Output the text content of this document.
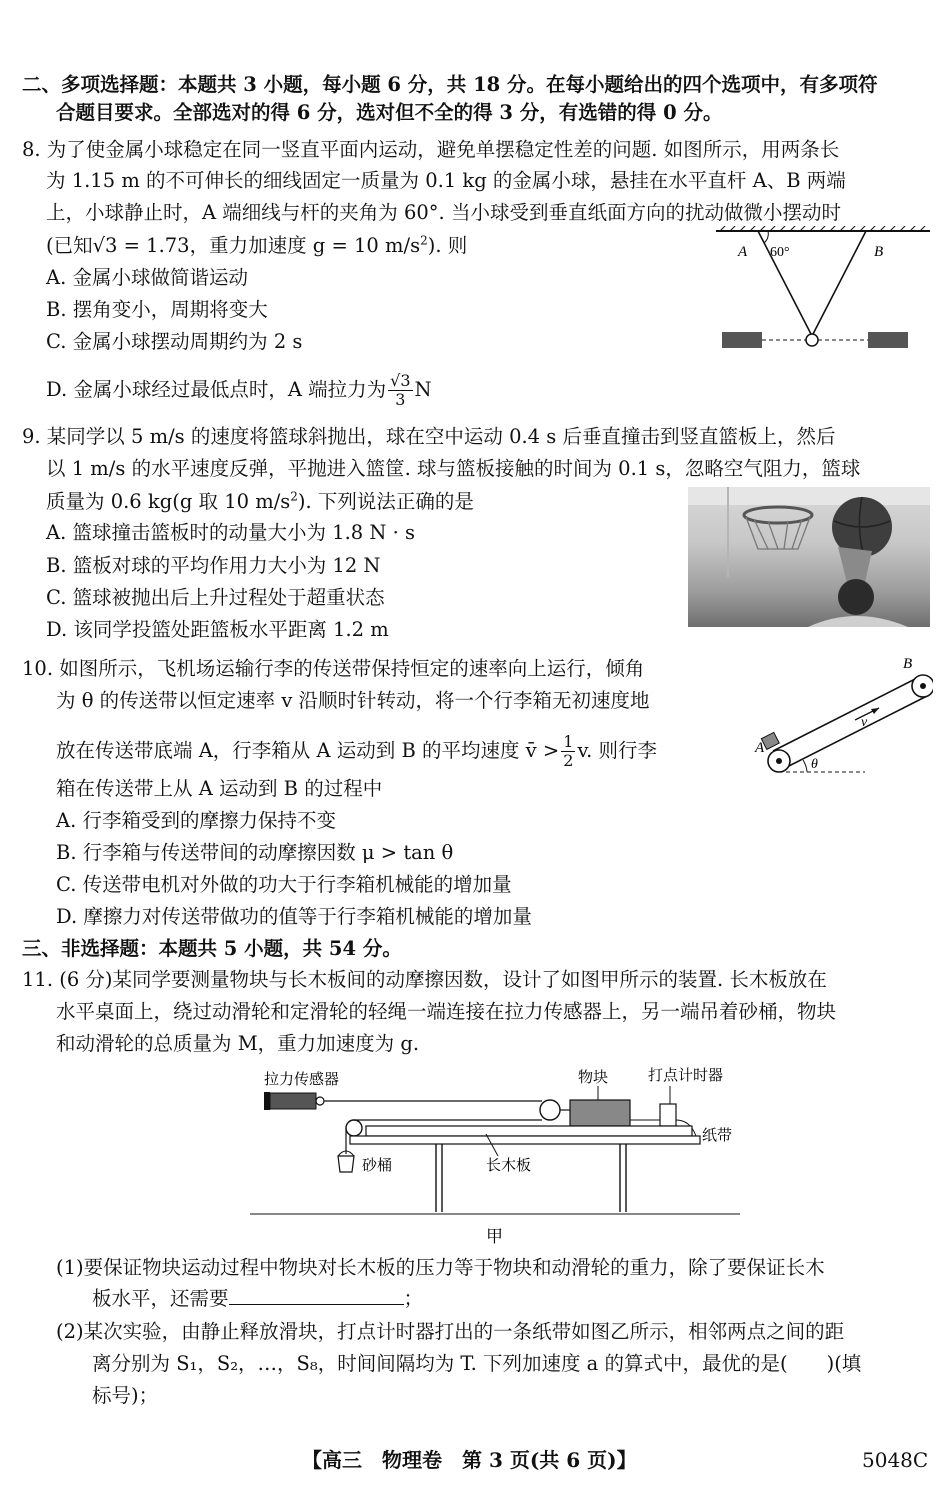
二、多项选择题：本题共 3 小题，每小题 6 分，共 18 分。在每小题给出的四个选项中，有多项符
合题目要求。全部选对的得 6 分，选对但不全的得 3 分，有选错的得 0 分。
8. 为了使金属小球稳定在同一竖直平面内运动，避免单摆稳定性差的问题. 如图所示，用两条长
为 1.15 m 的不可伸长的细线固定一质量为 0.1 kg 的金属小球，悬挂在水平直杆 A、B 两端
上，小球静止时，A 端细线与杆的夹角为 60°. 当小球受到垂直纸面方向的扰动做微小摆动时
(已知√3 = 1.73，重力加速度 g = 10 $m/s^2$). 则
A. 金属小球做简谐运动
B. 摆角变小，周期将变大
C. 金属小球摆动周期约为 2 s
D. 金属小球经过最低点时，A 端拉力为 $\frac{√3}{3}$ N
A 60°	B
9. 某同学以 5 m/s 的速度将篮球斜抛出，球在空中运动 0.4 s 后垂直撞击到竖直篮板上，然后
以 1 m/s 的水平速度反弹，平抛进入篮筐. 球与篮板接触的时间为 0.1 s，忽略空气阻力，篮球
质量为 0.6 kg(g 取 10 $m/s^2$). 下列说法正确的是
A. 篮球撞击篮板时的动量大小为 1.8 N · s
B. 篮板对球的平均作用力大小为 12 N
C. 篮球被抛出后上升过程处于超重状态
D. 该同学投篮处距篮板水平距离 1.2 m
10. 如图所示，飞机场运输行李的传送带保持恒定的速率向上运行，倾角
为 θ 的传送带以恒定速率 v 沿顺时针转动，将一个行李箱无初速度地
放在传送带底端 A，行李箱从 A 运动到 B 的平均速度 v̄ > $\frac{1}{2} v$. 则行李
箱在传送带上从 A 运动到 B 的过程中
A. 行李箱受到的摩擦力保持不变
B. 行李箱与传送带间的动摩擦因数 μ > tan θ
C. 传送带电机对外做的功大于行李箱机械能的增加量
D. 摩擦力对传送带做功的值等于行李箱机械能的增加量
A
B
v
θ
三、非选择题：本题共 5 小题，共 54 分。
11. (6 分)某同学要测量物块与长木板间的动摩擦因数，设计了如图甲所示的装置. 长木板放在
水平桌面上，绕过动滑轮和定滑轮的轻绳一端连接在拉力传感器上，另一端吊着砂桶，物块
和动滑轮的总质量为 M，重力加速度为 g.
拉力传感器	物块	打点计时器
纸带
长木板
砂桶
甲
(1)要保证物块运动过程中物块对长木板的压力等于物块和动滑轮的重力，除了要保证长木
板水平，还需要	；
(2)某次实验，由静止释放滑块，打点计时器打出的一条纸带如图乙所示，相邻两点之间的距
离分别为 S₁，S₂，…，S₈，时间间隔均为 T. 下列加速度 a 的算式中，最优的是(　　)(填
标号)；
【高三　物理卷　第 3 页(共 6 页)】	5048C
